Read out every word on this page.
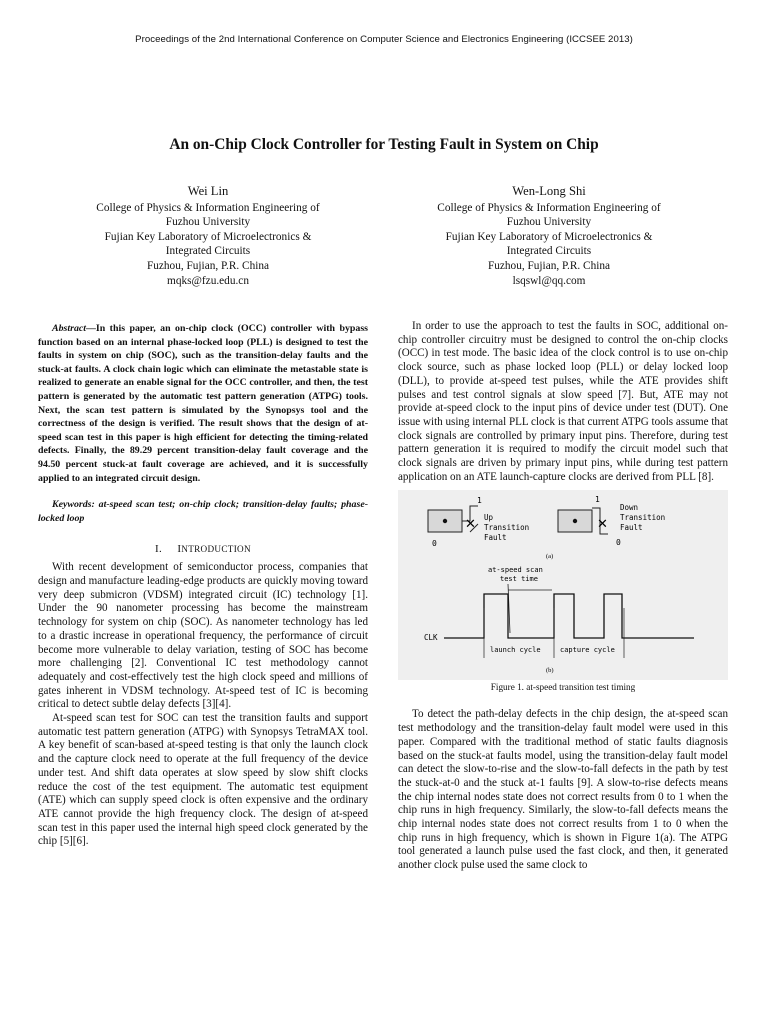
Proceedings of the 2nd International Conference on Computer Science and Electronics Engineering (ICCSEE 2013)
An on-Chip Clock Controller for Testing Fault in System on Chip
Wei Lin
College of Physics & Information Engineering of
Fuzhou University
Fujian Key Laboratory of Microelectronics &
Integrated Circuits
Fuzhou, Fujian, P.R. China
mqks@fzu.edu.cn
Wen-Long Shi
College of Physics & Information Engineering of
Fuzhou University
Fujian Key Laboratory of Microelectronics &
Integrated Circuits
Fuzhou, Fujian, P.R. China
lsqswl@qq.com

Abstract—In this paper, an on-chip clock (OCC) controller with bypass function based on an internal phase-locked loop (PLL) is designed to test the faults in system on chip (SOC), such as the transition-delay faults and the stuck-at faults. A clock chain logic which can eliminate the metastable state is realized to generate an enable signal for the OCC controller, and then, the test pattern is generated by the automatic test pattern generation (ATPG) tools. Next, the scan test pattern is simulated by the Synopsys tool and the correctness of the design is verified. The result shows that the design of at-speed scan test in this paper is high efficient for detecting the timing-related defects. Finally, the 89.29 percent transition-delay fault coverage and the 94.50 percent stuck-at fault coverage are achieved, and it is successfully applied to an integrated circuit design.

Keywords: at-speed scan test; on-chip clock; transition-delay faults; phase-locked loop

I. INTRODUCTION

With recent development of semiconductor process, companies that design and manufacture leading-edge products are quickly moving toward very deep submicron (VDSM) integrated circuit (IC) technology [1]. Under the 90 nanometer processing has become the mainstream technology for system on chip (SOC). As nanometer technology has led to a drastic increase in operational frequency, the performance of circuit become more vulnerable to delay variation, testing of SOC has become more challenging [2]. Conventional IC test methodology cannot adequately and cost-effectively test the high clock speed and millions of gates inherent in VDSM technology. At-speed test of IC is becoming critical to detect subtle delay defects [3][4].

At-speed scan test for SOC can test the transition faults and support automatic test pattern generation (ATPG) with Synopsys TetraMAX tool. A key benefit of scan-based at-speed testing is that only the launch clock and the capture clock need to operate at the full frequency of the device under test. And shift data operates at slow speed by slow shift clocks reduce the cost of the test equipment. The automatic test equipment (ATE) which can supply speed clock is often expensive and the ordinary ATE cannot provide the high frequency clock. The design of at-speed scan test in this paper used the internal high speed clock generated by the chip [5][6].

In order to use the approach to test the faults in SOC, additional on-chip controller circuitry must be designed to control the on-chip clocks (OCC) in test mode. The basic idea of the clock control is to use on-chip clock source, such as phase locked loop (PLL) or delay locked loop (DLL), to provide at-speed test pulses, while the ATE provides shift pulses and test control signals at slow speed [7]. But, ATE may not provide at-speed clock to the input pins of device under test (DUT). One issue with using internal PLL clock is that current ATPG tools assume that clock signals are controlled by primary input pins. Therefore, during test pattern generation it is required to modify the circuit model such that clock signals are driven by primary input pins, while during test pattern application on an ATE launch-capture clocks are derived from PLL [8].

1
0
✕ Up
Transition
Fault
1
0
✕
Down
Transition
Fault
(a)
at-speed scan
test time
CLK
launch cycle	capture cycle
(b)
Figure 1. at-speed transition test timing

To detect the path-delay defects in the chip design, the at-speed scan test methodology and the transition-delay fault model were used in this paper. Compared with the traditional method of static faults diagnosis based on the stuck-at faults model, using the transition-delay fault model can detect the slow-to-rise and the slow-to-fall defects in the path by test the stuck-at-0 and the stuck at-1 faults [9]. A slow-to-rise defects means the chip internal nodes state does not correct results from 0 to 1 when the chip runs in high frequency. Similarly, the slow-to-fall defects means the chip internal nodes state does not correct results from 1 to 0 when the chip runs in high frequency, which is shown in Figure 1(a). The ATPG tool generated a launch pulse used the fast clock, and then, it generated another clock pulse used the same clock to
